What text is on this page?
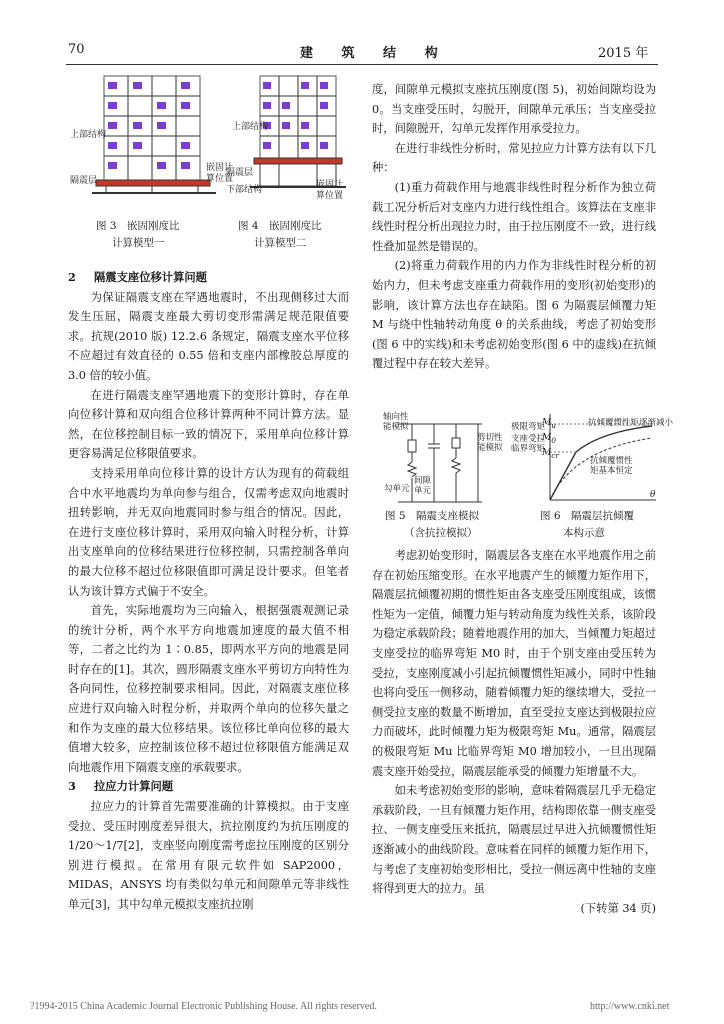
70	建 筑 结 构	2015 年
上部结构
隔震层
嵌固计
算位置
图 3　嵌固刚度比
计算模型一
上部结构
隔震层
下部结构	嵌固计
算位置
图 4　嵌固刚度比
计算模型二

2 隔震支座位移计算问题

为保证隔震支座在罕遇地震时，不出现侧移过大而发生压屈，隔震支座最大剪切变形需满足规范限值要求。抗规(2010 版) 12.2.6 条规定，隔震支座水平位移不应超过有效直径的 0.55 倍和支座内部橡胶总厚度的 3.0 倍的较小值。

在进行隔震支座罕遇地震下的变形计算时，存在单向位移计算和双向组合位移计算两种不同计算方法。显然，在位移控制目标一致的情况下，采用单向位移计算更容易满足位移限值要求。

支持采用单向位移计算的设计方认为现有的荷载组合中水平地震均为单向参与组合，仅需考虑双向地震时扭转影响，并无双向地震同时参与组合的情况。因此，在进行支座位移计算时，采用双向输入时程分析，计算出支座单向的位移结果进行位移控制，只需控制各单向的最大位移不超过位移限值即可满足设计要求。但笔者认为该计算方式偏于不安全。

首先，实际地震均为三向输入，根据强震观测记录的统计分析，两个水平方向地震加速度的最大值不相等，二者之比约为 1∶0.85，即两水平方向的地震是同时存在的[1]。其次，圆形隔震支座水平剪切方向特性为各向同性，位移控制要求相同。因此，对隔震支座位移应进行双向输入时程分析，并取两个单向的位移矢量之和作为支座的最大位移结果。该位移比单向位移的最大值增大较多，应控制该位移不超过位移限值方能满足双向地震作用下隔震支座的承载要求。

3 拉应力计算问题

拉应力的计算首先需要准确的计算模拟。由于支座受拉、受压时刚度差异很大，抗拉刚度约为抗压刚度的 1/20～1/7[2]，支座竖向刚度需考虑拉压刚度的区别分别进行模拟。在常用有限元软件如 SAP2000，MIDAS，ANSYS 均有类似勾单元和间隙单元等非线性单元[3]，其中勾单元模拟支座抗拉刚

度，间隙单元模拟支座抗压刚度(图 5)，初始间隙均设为 0。当支座受压时，勾脱开，间隙单元承压；当支座受拉时，间隙脱开，勾单元发挥作用承受拉力。

在进行非线性分析时，常见拉应力计算方法有以下几种：

(1)重力荷载作用与地震非线性时程分析作为独立荷载工况分析后对支座内力进行线性组合。该算法在支座非线性时程分析出现拉力时，由于拉压刚度不一致，进行线性叠加显然是错误的。

(2)将重力荷载作用的内力作为非线性时程分析的初始内力，但未考虑支座重力荷载作用的变形(初始变形)的影响，该计算方法也存在缺陷。图 6 为隔震层倾覆力矩 M 与绕中性轴转动角度 θ 的关系曲线，考虑了初始变形(图 6 中的实线)和未考虑初始变形(图 6 中的虚线)在抗倾覆过程中存在较大差异。

轴向性
能模拟
剪切性
能模拟
勾单元
间隙
单元
图 5　隔震支座模拟
（含抗拉模拟）
抗倾覆惯性矩逐渐减小
极限弯矩
支座受拉
临界弯矩
抗倾覆惯性
矩基本恒定
$M_u$
$M_0$
$M_{cr}$
θ
图 6　隔震层抗倾覆
本构示意

考虑初始变形时，隔震层各支座在水平地震作用之前存在初始压缩变形。在水平地震产生的倾覆力矩作用下，隔震层抗倾覆初期的惯性矩由各支座受压刚度组成，该惯性矩为一定值，倾覆力矩与转动角度为线性关系，该阶段为稳定承载阶段；随着地震作用的加大，当倾覆力矩超过支座受拉的临界弯矩 M0 时，由于个别支座由受压转为受拉，支座刚度减小引起抗倾覆惯性矩减小，同时中性轴也将向受压一侧移动，随着倾覆力矩的继续增大，受拉一侧受拉支座的数量不断增加，直至受拉支座达到极限拉应力而破坏，此时倾覆力矩为极限弯矩 Mu。通常，隔震层的极限弯矩 Mu 比临界弯矩 M0 增加较小，一旦出现隔震支座开始受拉，隔震层能承受的倾覆力矩增量不大。

如未考虑初始变形的影响，意味着隔震层几乎无稳定承载阶段，一旦有倾覆力矩作用，结构即依靠一侧支座受拉、一侧支座受压来抵抗，隔震层过早进入抗倾覆惯性矩逐渐减小的曲线阶段。意味着在同样的倾覆力矩作用下，与考虑了支座初始变形相比，受拉一侧远离中性轴的支座将得到更大的拉力。虽

(下转第 34 页)

?1994-2015 China Academic Journal Electronic Publishing House. All rights reserved.	http://www.cnki.net
